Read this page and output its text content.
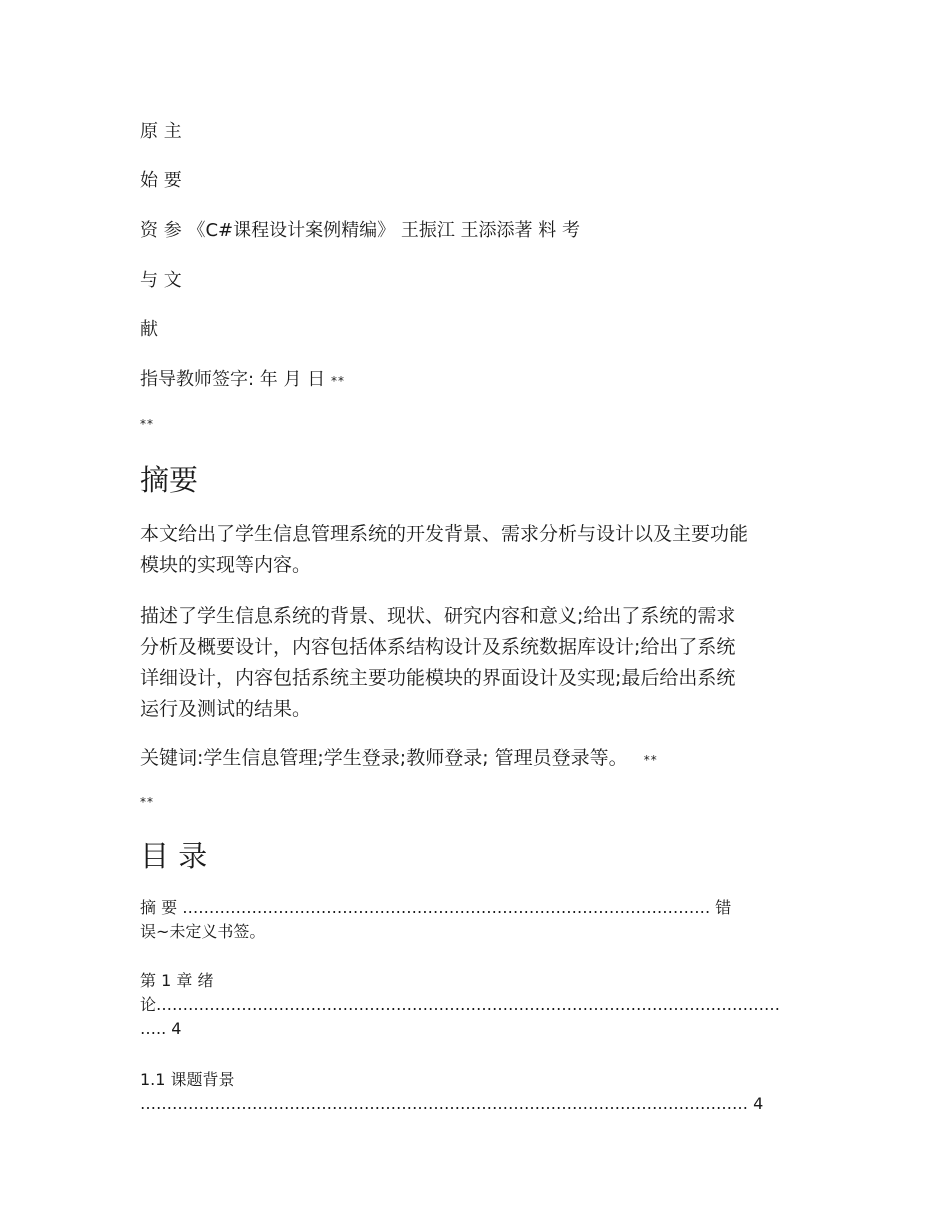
原 主
始 要
资 参 《C#课程设计案例精编》 王振江 王添添著 料 考
与 文
献
指导教师签字: 年 月 日 **
**
摘要
本文给出了学生信息管理系统的开发背景、需求分析与设计以及主要功能
模块的实现等内容。
描述了学生信息系统的背景、现状、研究内容和意义;给出了系统的需求
分析及概要设计，内容包括体系结构设计及系统数据库设计;给出了系统
详细设计，内容包括系统主要功能模块的界面设计及实现;最后给出系统
运行及测试的结果。
关键词:学生信息管理;学生登录;教师登录; 管理员登录等。 **
**
目 录
摘 要 ……………………………………………………………………………………… 错
误~未定义书签。
第 1 章 绪
论………………………………………………………………………………………………………
….. 4
1.1 课题背景
…………………………………………………………………………………………………… 4
